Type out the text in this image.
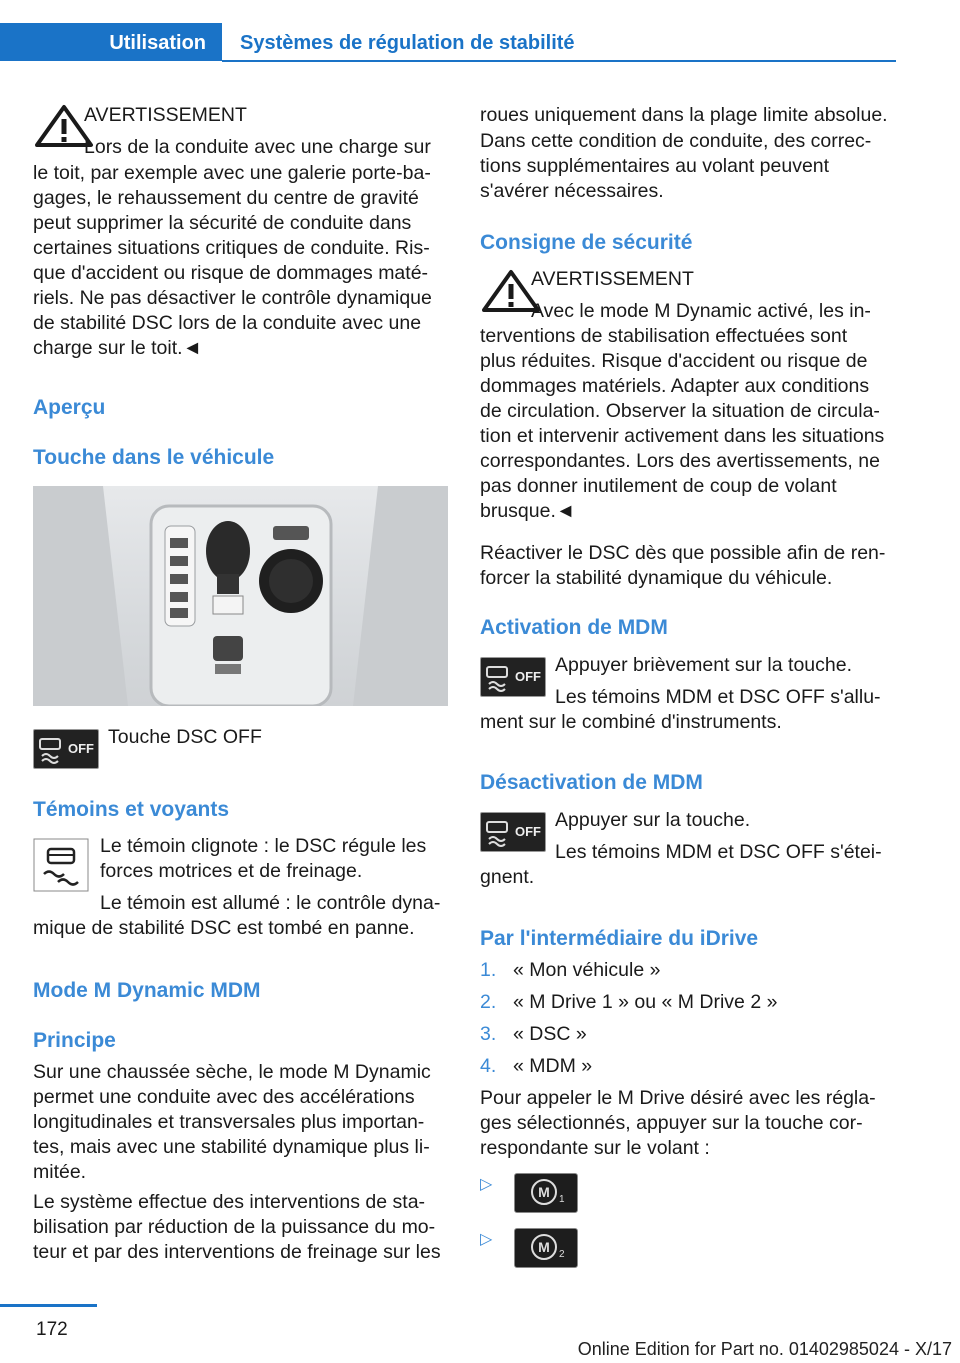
Utilisation Systèmes de régulation de stabilité
AVERTISSEMENT
Lors de la conduite avec une charge sur
le toit, par exemple avec une galerie porte-ba-
gages, le rehaussement du centre de gravité
peut supprimer la sécurité de conduite dans
certaines situations critiques de conduite. Ris-
que d'accident ou risque de dommages maté-
riels. Ne pas désactiver le contrôle dynamique
de stabilité DSC lors de la conduite avec une
charge sur le toit.◄
Aperçu
Touche dans le véhicule
OFF
Touche DSC OFF
Témoins et voyants
Le témoin clignote : le DSC régule les
forces motrices et de freinage.
Le témoin est allumé : le contrôle dyna-
mique de stabilité DSC est tombé en panne.
Mode M Dynamic MDM
Principe
Sur une chaussée sèche, le mode M Dynamic
permet une conduite avec des accélérations
longitudinales et transversales plus importan-
tes, mais avec une stabilité dynamique plus li-
mitée.
Le système effectue des interventions de sta-
bilisation par réduction de la puissance du mo-
teur et par des interventions de freinage sur les
roues uniquement dans la plage limite absolue.
Dans cette condition de conduite, des correc-
tions supplémentaires au volant peuvent
s'avérer nécessaires.
Consigne de sécurité
AVERTISSEMENT
Avec le mode M Dynamic activé, les in-
terventions de stabilisation effectuées sont
plus réduites. Risque d'accident ou risque de
dommages matériels. Adapter aux conditions
de circulation. Observer la situation de circula-
tion et intervenir activement dans les situations
correspondantes. Lors des avertissements, ne
pas donner inutilement de coup de volant
brusque.◄
Réactiver le DSC dès que possible afin de ren-
forcer la stabilité dynamique du véhicule.
Activation de MDM
OFF
Appuyer brièvement sur la touche.
Les témoins MDM et DSC OFF s'allu-
ment sur le combiné d'instruments.
Désactivation de MDM
OFF
Appuyer sur la touche.
Les témoins MDM et DSC OFF s'étei-
gnent.
Par l'intermédiaire du iDrive
1. « Mon véhicule »
2. « M Drive 1 » ou « M Drive 2 »
3. « DSC »
4. « MDM »
Pour appeler le M Drive désiré avec les régla-
ges sélectionnés, appuyer sur la touche cor-
respondante sur le volant :
▷	M 1
▷	M 2
172
Online Edition for Part no. 01402985024 - X/17
